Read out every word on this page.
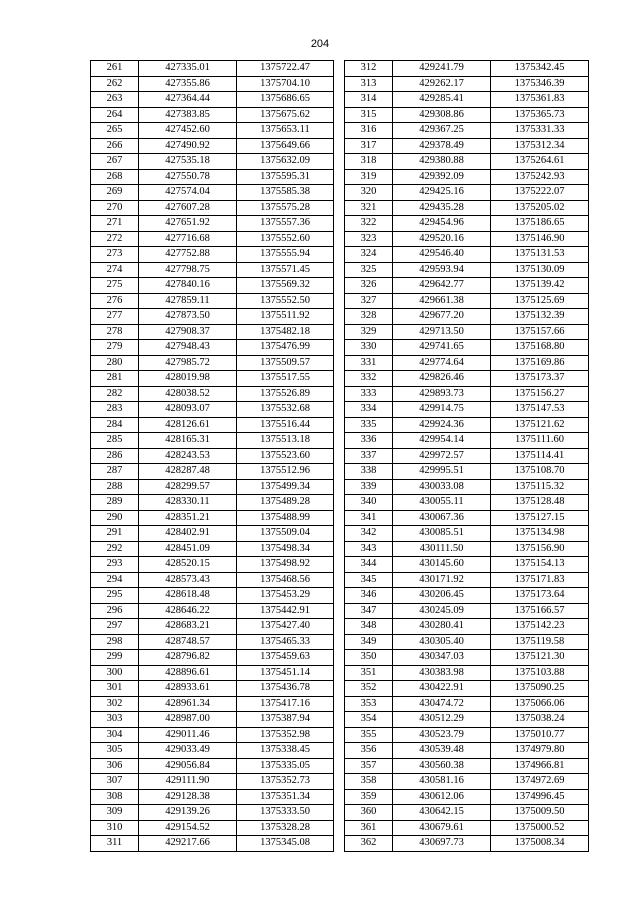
204
261	427335.01	1375722.47
262	427355.86	1375704.10
263	427364.44	1375686.65
264	427383.85	1375675.62
265	427452.60	1375653.11
266	427490.92	1375649.66
267	427535.18	1375632.09
268	427550.78	1375595.31
269	427574.04	1375585.38
270	427607.28	1375575.28
271	427651.92	1375557.36
272	427716.68	1375552.60
273	427752.88	1375555.94
274	427798.75	1375571.45
275	427840.16	1375569.32
276	427859.11	1375552.50
277	427873.50	1375511.92
278	427908.37	1375482.18
279	427948.43	1375476.99
280	427985.72	1375509.57
281	428019.98	1375517.55
282	428038.52	1375526.89
283	428093.07	1375532.68
284	428126.61	1375516.44
285	428165.31	1375513.18
286	428243.53	1375523.60
287	428287.48	1375512.96
288	428299.57	1375499.34
289	428330.11	1375489.28
290	428351.21	1375488.99
291	428402.91	1375509.04
292	428451.09	1375498.34
293	428520.15	1375498.92
294	428573.43	1375468.56
295	428618.48	1375453.29
296	428646.22	1375442.91
297	428683.21	1375427.40
298	428748.57	1375465.33
299	428796.82	1375459.63
300	428896.61	1375451.14
301	428933.61	1375436.78
302	428961.34	1375417.16
303	428987.00	1375387.94
304	429011.46	1375352.98
305	429033.49	1375338.45
306	429056.84	1375335.05
307	429111.90	1375352.73
308	429128.38	1375351.34
309	429139.26	1375333.50
310	429154.52	1375328.28
311	429217.66	1375345.08
312	429241.79	1375342.45
313	429262.17	1375346.39
314	429285.41	1375361.83
315	429308.86	1375365.73
316	429367.25	1375331.33
317	429378.49	1375312.34
318	429380.88	1375264.61
319	429392.09	1375242.93
320	429425.16	1375222.07
321	429435.28	1375205.02
322	429454.96	1375186.65
323	429520.16	1375146.90
324	429546.40	1375131.53
325	429593.94	1375130.09
326	429642.77	1375139.42
327	429661.38	1375125.69
328	429677.20	1375132.39
329	429713.50	1375157.66
330	429741.65	1375168.80
331	429774.64	1375169.86
332	429826.46	1375173.37
333	429893.73	1375156.27
334	429914.75	1375147.53
335	429924.36	1375121.62
336	429954.14	1375111.60
337	429972.57	1375114.41
338	429995.51	1375108.70
339	430033.08	1375115.32
340	430055.11	1375128.48
341	430067.36	1375127.15
342	430085.51	1375134.98
343	430111.50	1375156.90
344	430145.60	1375154.13
345	430171.92	1375171.83
346	430206.45	1375173.64
347	430245.09	1375166.57
348	430280.41	1375142.23
349	430305.40	1375119.58
350	430347.03	1375121.30
351	430383.98	1375103.88
352	430422.91	1375090.25
353	430474.72	1375066.06
354	430512.29	1375038.24
355	430523.79	1375010.77
356	430539.48	1374979.80
357	430560.38	1374966.81
358	430581.16	1374972.69
359	430612.06	1374996.45
360	430642.15	1375009.50
361	430679.61	1375000.52
362	430697.73	1375008.34
